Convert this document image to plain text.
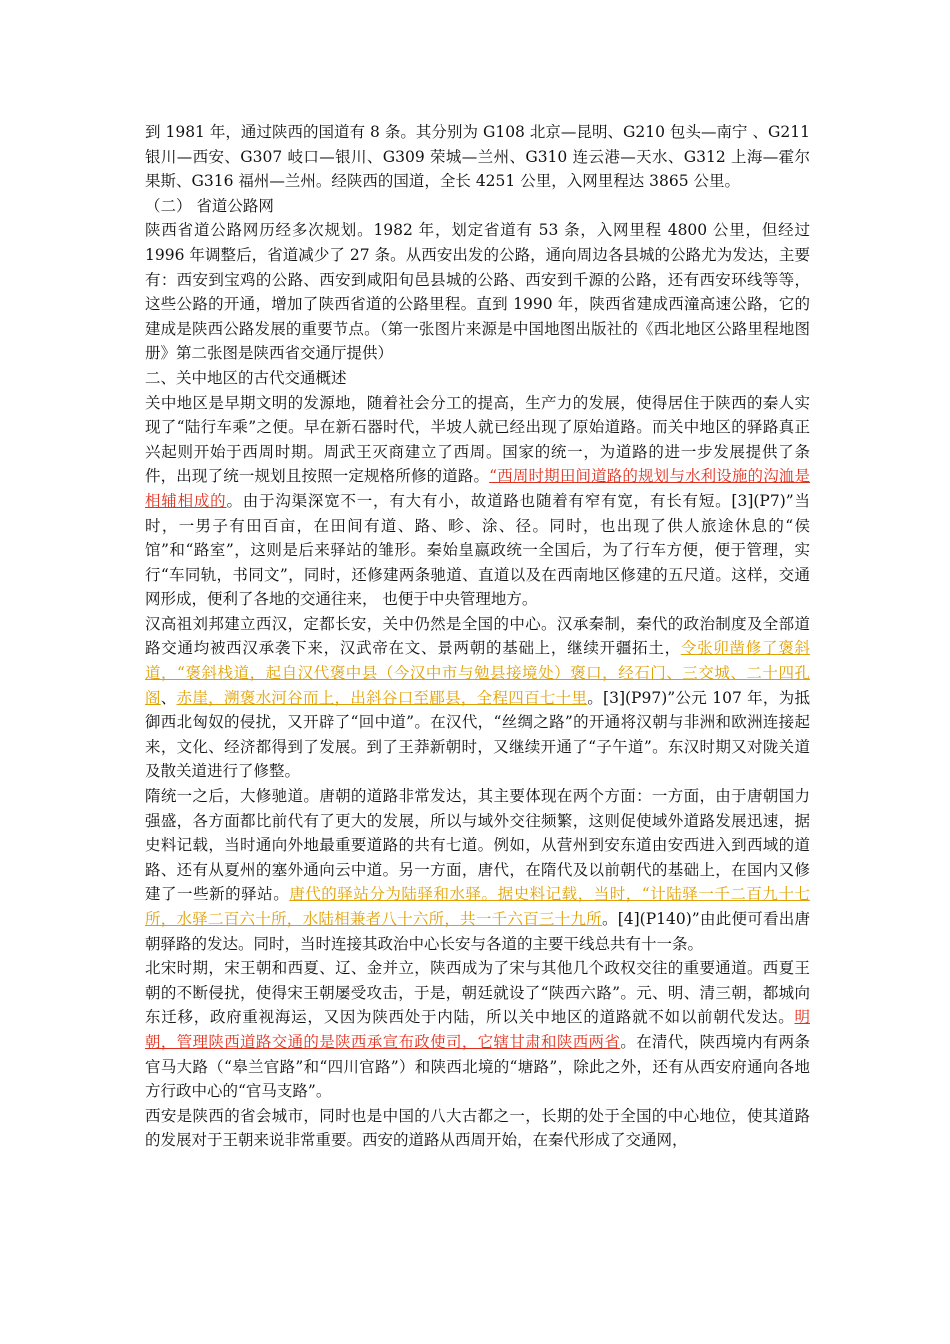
到 1981 年，通过陕西的国道有 8 条。其分别为 G108 北京—昆明、G210 包头—南宁 、G211 银川—西安、G307 岐口—银川、G309 荣城—兰州、G310 连云港—天水、G312 上海—霍尔果斯、G316 福州—兰州。经陕西的国道，全长 4251 公里，入网里程达 3865 公里。

（二） 省道公路网

陕西省道公路网历经多次规划。1982 年，划定省道有 53 条，入网里程 4800 公里，但经过 1996 年调整后，省道减少了 27 条。从西安出发的公路，通向周边各县城的公路尤为发达，主要有：西安到宝鸡的公路、西安到咸阳旬邑县城的公路、西安到千源的公路，还有西安环线等等，这些公路的开通，增加了陕西省道的公路里程。直到 1990 年，陕西省建成西潼高速公路，它的建成是陕西公路发展的重要节点。（第一张图片来源是中国地图出版社的《西北地区公路里程地图册》第二张图是陕西省交通厅提供）

二、关中地区的古代交通概述

关中地区是早期文明的发源地，随着社会分工的提高，生产力的发展，使得居住于陕西的秦人实现了“陆行车乘”之便。早在新石器时代，半坡人就已经出现了原始道路。而关中地区的驿路真正兴起则开始于西周时期。周武王灭商建立了西周。国家的统一，为道路的进一步发展提供了条件，出现了统一规划且按照一定规格所修的道路。“西周时期田间道路的规划与水利设施的沟洫是相辅相成的。由于沟渠深宽不一，有大有小，故道路也随着有窄有宽，有长有短。[3](P7)”当时，一男子有田百亩，在田间有道、路、畛、涂、径。同时，也出现了供人旅途休息的“侯馆”和“路室”，这则是后来驿站的雏形。秦始皇嬴政统一全国后，为了行车方便，便于管理，实行“车同轨，书同文”，同时，还修建两条驰道、直道以及在西南地区修建的五尺道。这样，交通网形成，便利了各地的交通往来， 也便于中央管理地方。

汉高祖刘邦建立西汉，定都长安，关中仍然是全国的中心。汉承秦制，秦代的政治制度及全部道路交通均被西汉承袭下来，汉武帝在文、景两朝的基础上，继续开疆拓土，令张卯凿修了褒斜道，“褒斜栈道，起自汉代褒中县（今汉中市与勉县接境处）褒口，经石门、三交城、二十四孔阁、赤崖，溯褒水河谷而上，出斜谷口至郿县，全程四百七十里。[3](P97)”公元 107 年，为抵御西北匈奴的侵扰，又开辟了“回中道”。在汉代，“丝绸之路”的开通将汉朝与非洲和欧洲连接起来，文化、经济都得到了发展。到了王莽新朝时，又继续开通了“子午道”。东汉时期又对陇关道及散关道进行了修整。

隋统一之后，大修驰道。唐朝的道路非常发达，其主要体现在两个方面：一方面，由于唐朝国力强盛，各方面都比前代有了更大的发展，所以与域外交往频繁，这则促使域外道路发展迅速，据史料记载，当时通向外地最重要道路的共有七道。例如，从营州到安东道由安西进入到西域的道路、还有从夏州的塞外通向云中道。另一方面，唐代，在隋代及以前朝代的基础上，在国内又修建了一些新的驿站。唐代的驿站分为陆驿和水驿。据史料记载，当时，“计陆驿一千二百九十七所，水驿二百六十所，水陆相兼者八十六所，共一千六百三十九所。[4](P140)”由此便可看出唐朝驿路的发达。同时，当时连接其政治中心长安与各道的主要干线总共有十一条。

北宋时期，宋王朝和西夏、辽、金并立，陕西成为了宋与其他几个政权交往的重要通道。西夏王朝的不断侵扰，使得宋王朝屡受攻击，于是，朝廷就设了“陕西六路”。元、明、清三朝，都城向东迁移，政府重视海运，又因为陕西处于内陆，所以关中地区的道路就不如以前朝代发达。明朝，管理陕西道路交通的是陕西承宣布政使司，它辖甘肃和陕西两省。在清代，陕西境内有两条官马大路（“皋兰官路”和“四川官路”）和陕西北境的“塘路”，除此之外，还有从西安府通向各地方行政中心的“官马支路”。

西安是陕西的省会城市，同时也是中国的八大古都之一，长期的处于全国的中心地位，使其道路的发展对于王朝来说非常重要。西安的道路从西周开始，在秦代形成了交通网，
